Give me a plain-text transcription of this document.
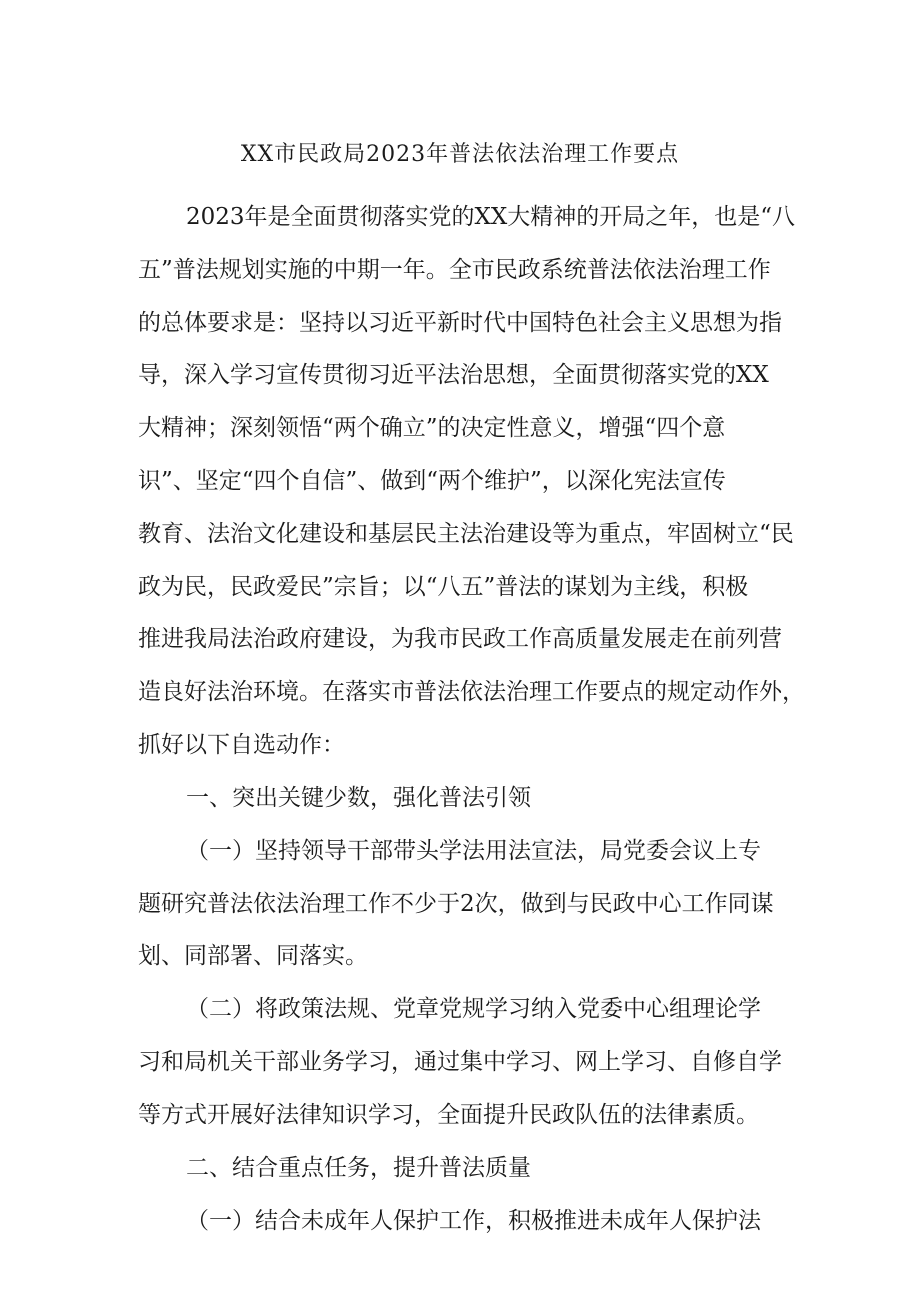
XX市民政局2023年普法依法治理工作要点
2023年是全面贯彻落实党的XX大精神的开局之年，也是“八
五”普法规划实施的中期一年。全市民政系统普法依法治理工作
的总体要求是：坚持以习近平新时代中国特色社会主义思想为指
导，深入学习宣传贯彻习近平法治思想，全面贯彻落实党的XX
大精神；深刻领悟“两个确立”的决定性意义，增强“四个意
识”、坚定“四个自信”、做到“两个维护”，以深化宪法宣传
教育、法治文化建设和基层民主法治建设等为重点，牢固树立“民
政为民，民政爱民”宗旨；以“八五”普法的谋划为主线，积极
推进我局法治政府建设，为我市民政工作高质量发展走在前列营
造良好法治环境。在落实市普法依法治理工作要点的规定动作外，
抓好以下自选动作：
一、突出关键少数，强化普法引领
（一）坚持领导干部带头学法用法宣法，局党委会议上专
题研究普法依法治理工作不少于2次，做到与民政中心工作同谋
划、同部署、同落实。
（二）将政策法规、党章党规学习纳入党委中心组理论学
习和局机关干部业务学习，通过集中学习、网上学习、自修自学
等方式开展好法律知识学习，全面提升民政队伍的法律素质。
二、结合重点任务，提升普法质量
（一）结合未成年人保护工作，积极推进未成年人保护法
